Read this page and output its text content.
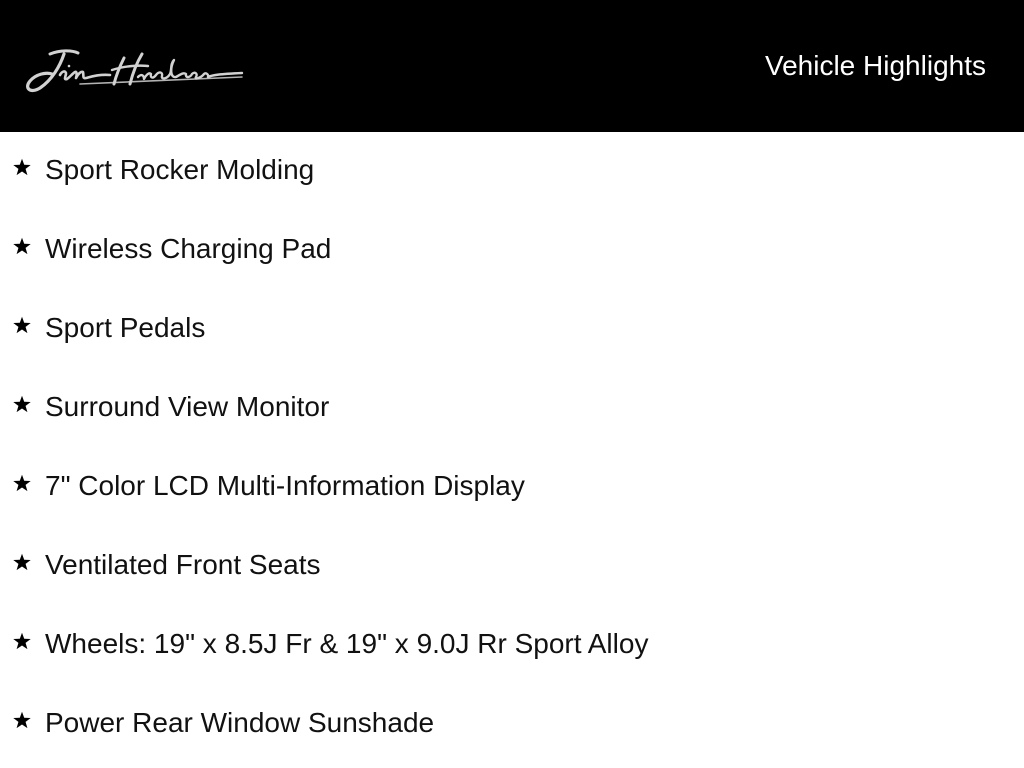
Vehicle Highlights
Sport Rocker Molding
Wireless Charging Pad
Sport Pedals
Surround View Monitor
7" Color LCD Multi-Information Display
Ventilated Front Seats
Wheels: 19" x 8.5J Fr & 19" x 9.0J Rr Sport Alloy
Power Rear Window Sunshade
